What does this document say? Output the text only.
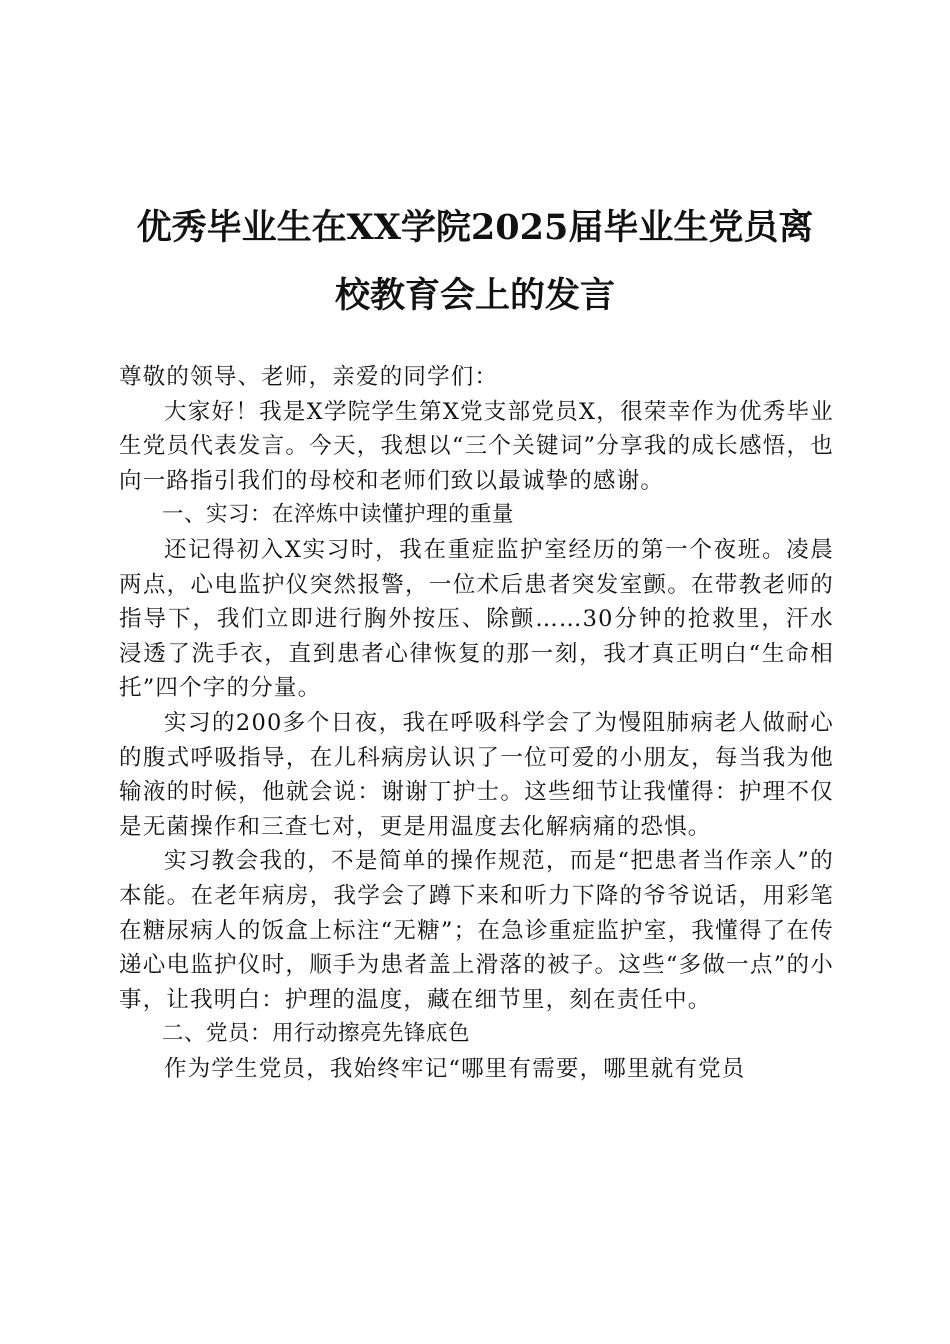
优秀毕业生在XX学院2025届毕业生党员离
校教育会上的发言

尊敬的领导、老师，亲爱的同学们：

大家好！我是X学院学生第X党支部党员X，很荣幸作为优秀毕业生党员代表发言。今天，我想以“三个关键词”分享我的成长感悟，也向一路指引我们的母校和老师们致以最诚挚的感谢。

一、实习：在淬炼中读懂护理的重量

还记得初入X实习时，我在重症监护室经历的第一个夜班。凌晨两点，心电监护仪突然报警，一位术后患者突发室颤。在带教老师的指导下，我们立即进行胸外按压、除颤……30分钟的抢救里，汗水浸透了洗手衣，直到患者心律恢复的那一刻，我才真正明白“生命相托”四个字的分量。

实习的200多个日夜，我在呼吸科学会了为慢阻肺病老人做耐心的腹式呼吸指导，在儿科病房认识了一位可爱的小朋友，每当我为他输液的时候，他就会说：谢谢丁护士。这些细节让我懂得：护理不仅是无菌操作和三查七对，更是用温度去化解病痛的恐惧。

实习教会我的，不是简单的操作规范，而是“把患者当作亲人”的本能。在老年病房，我学会了蹲下来和听力下降的爷爷说话，用彩笔在糖尿病人的饭盒上标注“无糖”；在急诊重症监护室，我懂得了在传递心电监护仪时，顺手为患者盖上滑落的被子。这些“多做一点”的小事，让我明白：护理的温度，藏在细节里，刻在责任中。

二、党员：用行动擦亮先锋底色

作为学生党员，我始终牢记“哪里有需要，哪里就有党员
